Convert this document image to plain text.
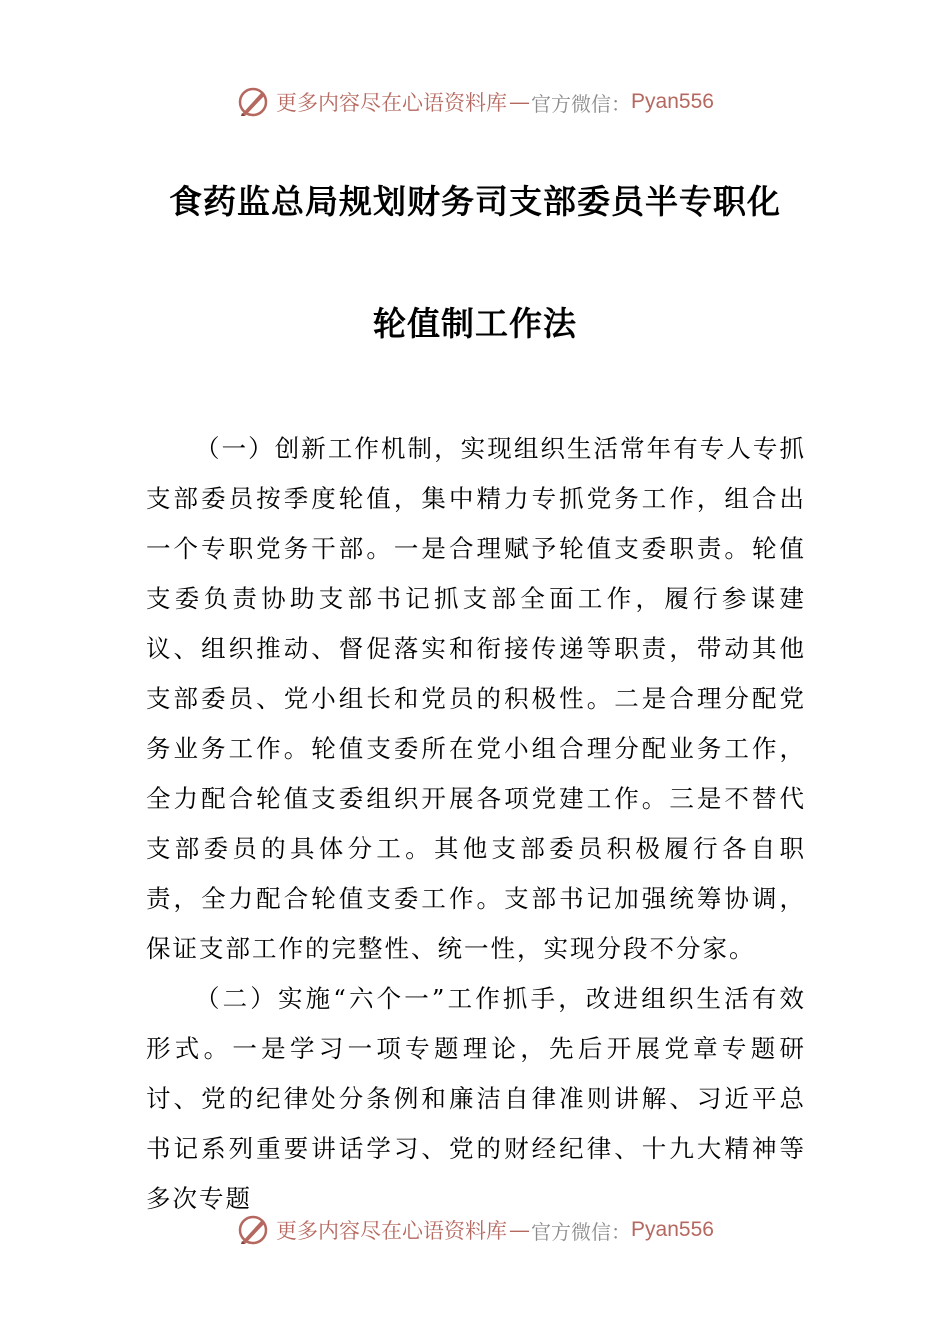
更多内容尽在心语资料库 — 官方微信： Pyan556
食药监总局规划财务司支部委员半专职化
轮值制工作法

（一）创新工作机制，实现组织生活常年有专人专抓支部委员按季度轮值，集中精力专抓党务工作，组合出一个专职党务干部。一是合理赋予轮值支委职责。轮值支委负责协助支部书记抓支部全面工作，履行参谋建议、组织推动、督促落实和衔接传递等职责，带动其他支部委员、党小组长和党员的积极性。二是合理分配党务业务工作。轮值支委所在党小组合理分配业务工作，全力配合轮值支委组织开展各项党建工作。三是不替代支部委员的具体分工。其他支部委员积极履行各自职责，全力配合轮值支委工作。支部书记加强统筹协调，保证支部工作的完整性、统一性，实现分段不分家。

（二）实施“六个一”工作抓手，改进组织生活有效形式。一是学习一项专题理论，先后开展党章专题研讨、党的纪律处分条例和廉洁自律准则讲解、习近平总书记系列重要讲话学习、党的财经纪律、十九大精神等多次专题

更多内容尽在心语资料库 — 官方微信： Pyan556
